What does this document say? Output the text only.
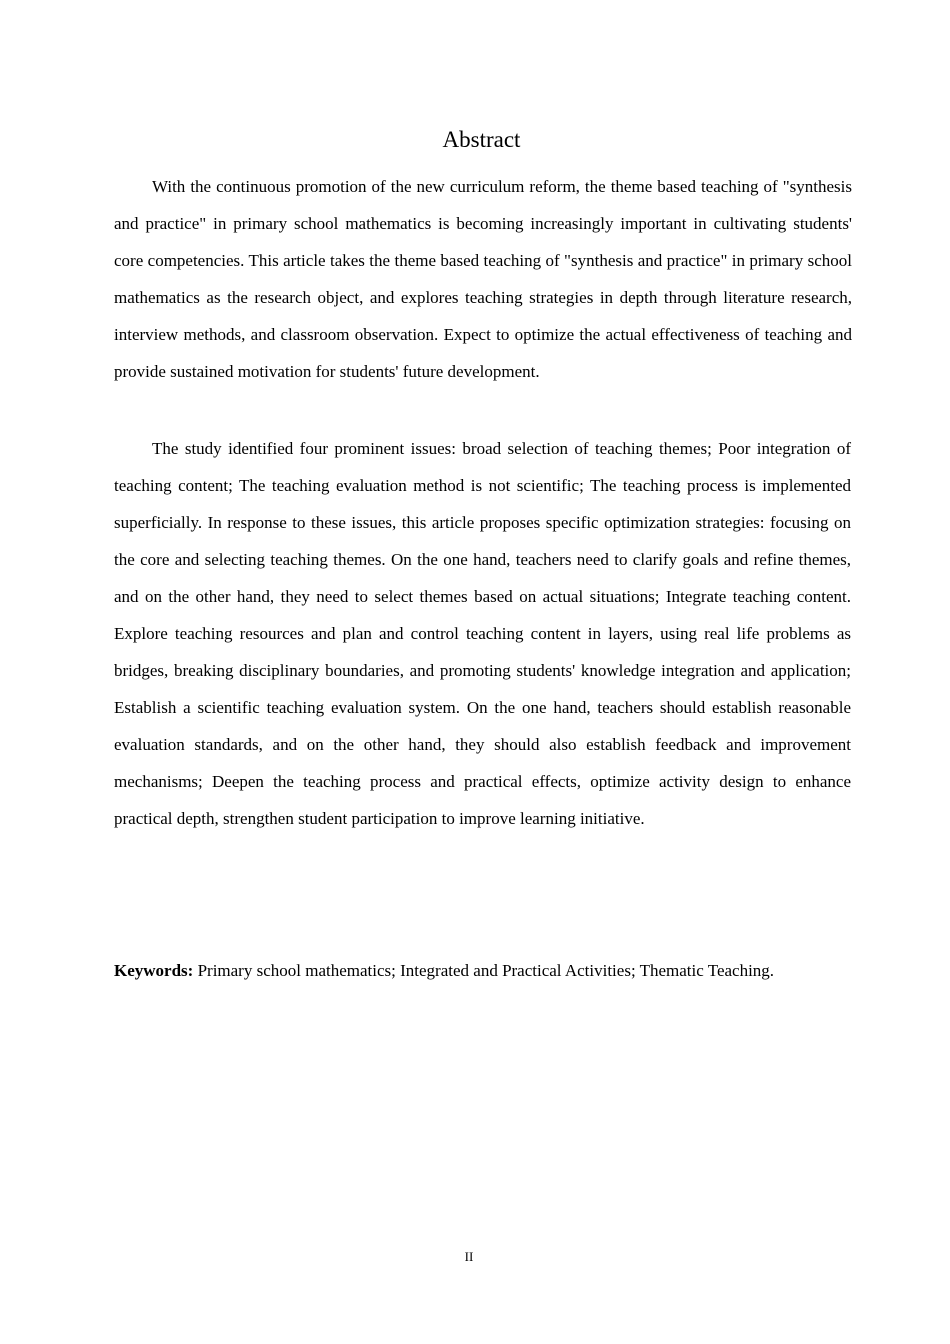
Abstract

With the continuous promotion of the new curriculum reform, the theme based teaching of "synthesis and practice" in primary school mathematics is becoming increasingly important in cultivating students' core competencies. This article takes the theme based teaching of "synthesis and practice" in primary school mathematics as the research object, and explores teaching strategies in depth through literature research, interview methods, and classroom observation. Expect to optimize the actual effectiveness of teaching and provide sustained motivation for students' future development.

The study identified four prominent issues: broad selection of teaching themes; Poor integration of teaching content; The teaching evaluation method is not scientific; The teaching process is implemented superficially. In response to these issues, this article proposes specific optimization strategies: focusing on the core and selecting teaching themes. On the one hand, teachers need to clarify goals and refine themes, and on the other hand, they need to select themes based on actual situations; Integrate teaching content. Explore teaching resources and plan and control teaching content in layers, using real life problems as bridges, breaking disciplinary boundaries, and promoting students' knowledge integration and application; Establish a scientific teaching evaluation system. On the one hand, teachers should establish reasonable evaluation standards, and on the other hand, they should also establish feedback and improvement mechanisms; Deepen the teaching process and practical effects, optimize activity design to enhance practical depth, strengthen student participation to improve learning initiative.

Keywords: Primary school mathematics; Integrated and Practical Activities; Thematic Teaching.

II
